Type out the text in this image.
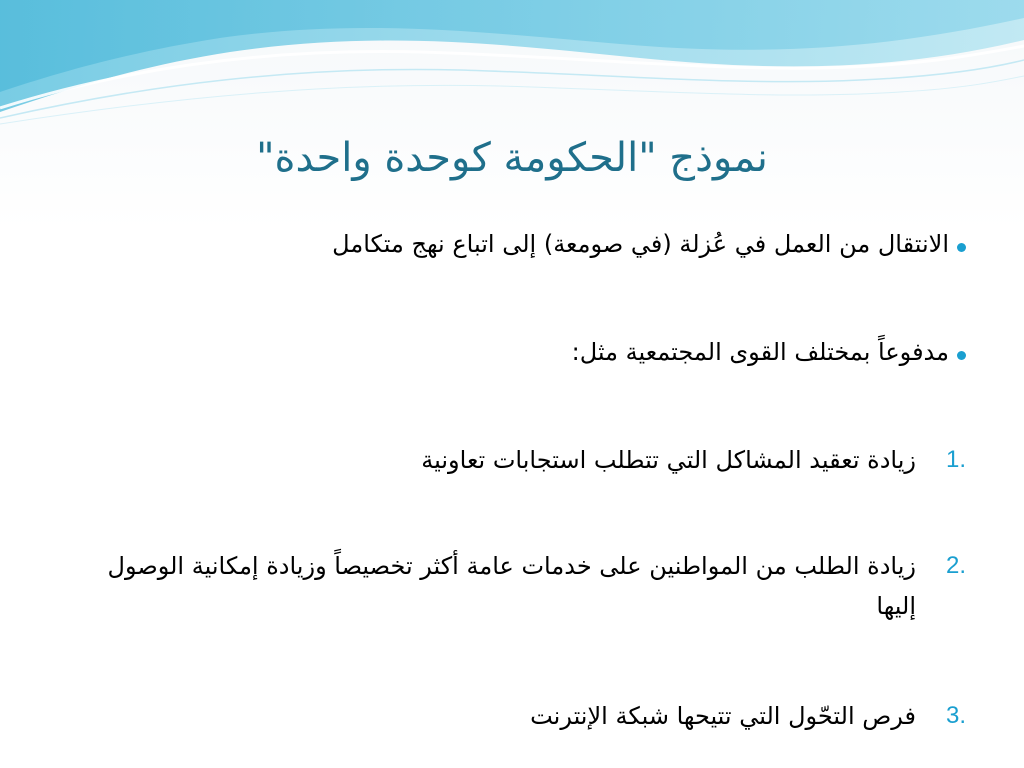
نموذج "الحكومة كوحدة واحدة"
الانتقال من العمل في عُزلة (في صومعة) إلى اتباع نهج متكامل
مدفوعاً بمختلف القوى المجتمعية مثل:
1.
زيادة تعقيد المشاكل التي تتطلب استجابات تعاونية
2.
زيادة الطلب من المواطنين على خدمات عامة أكثر تخصيصاً وزيادة إمكانية الوصول إليها
3.
فرص التحّول التي تتيحها شبكة الإنترنت
